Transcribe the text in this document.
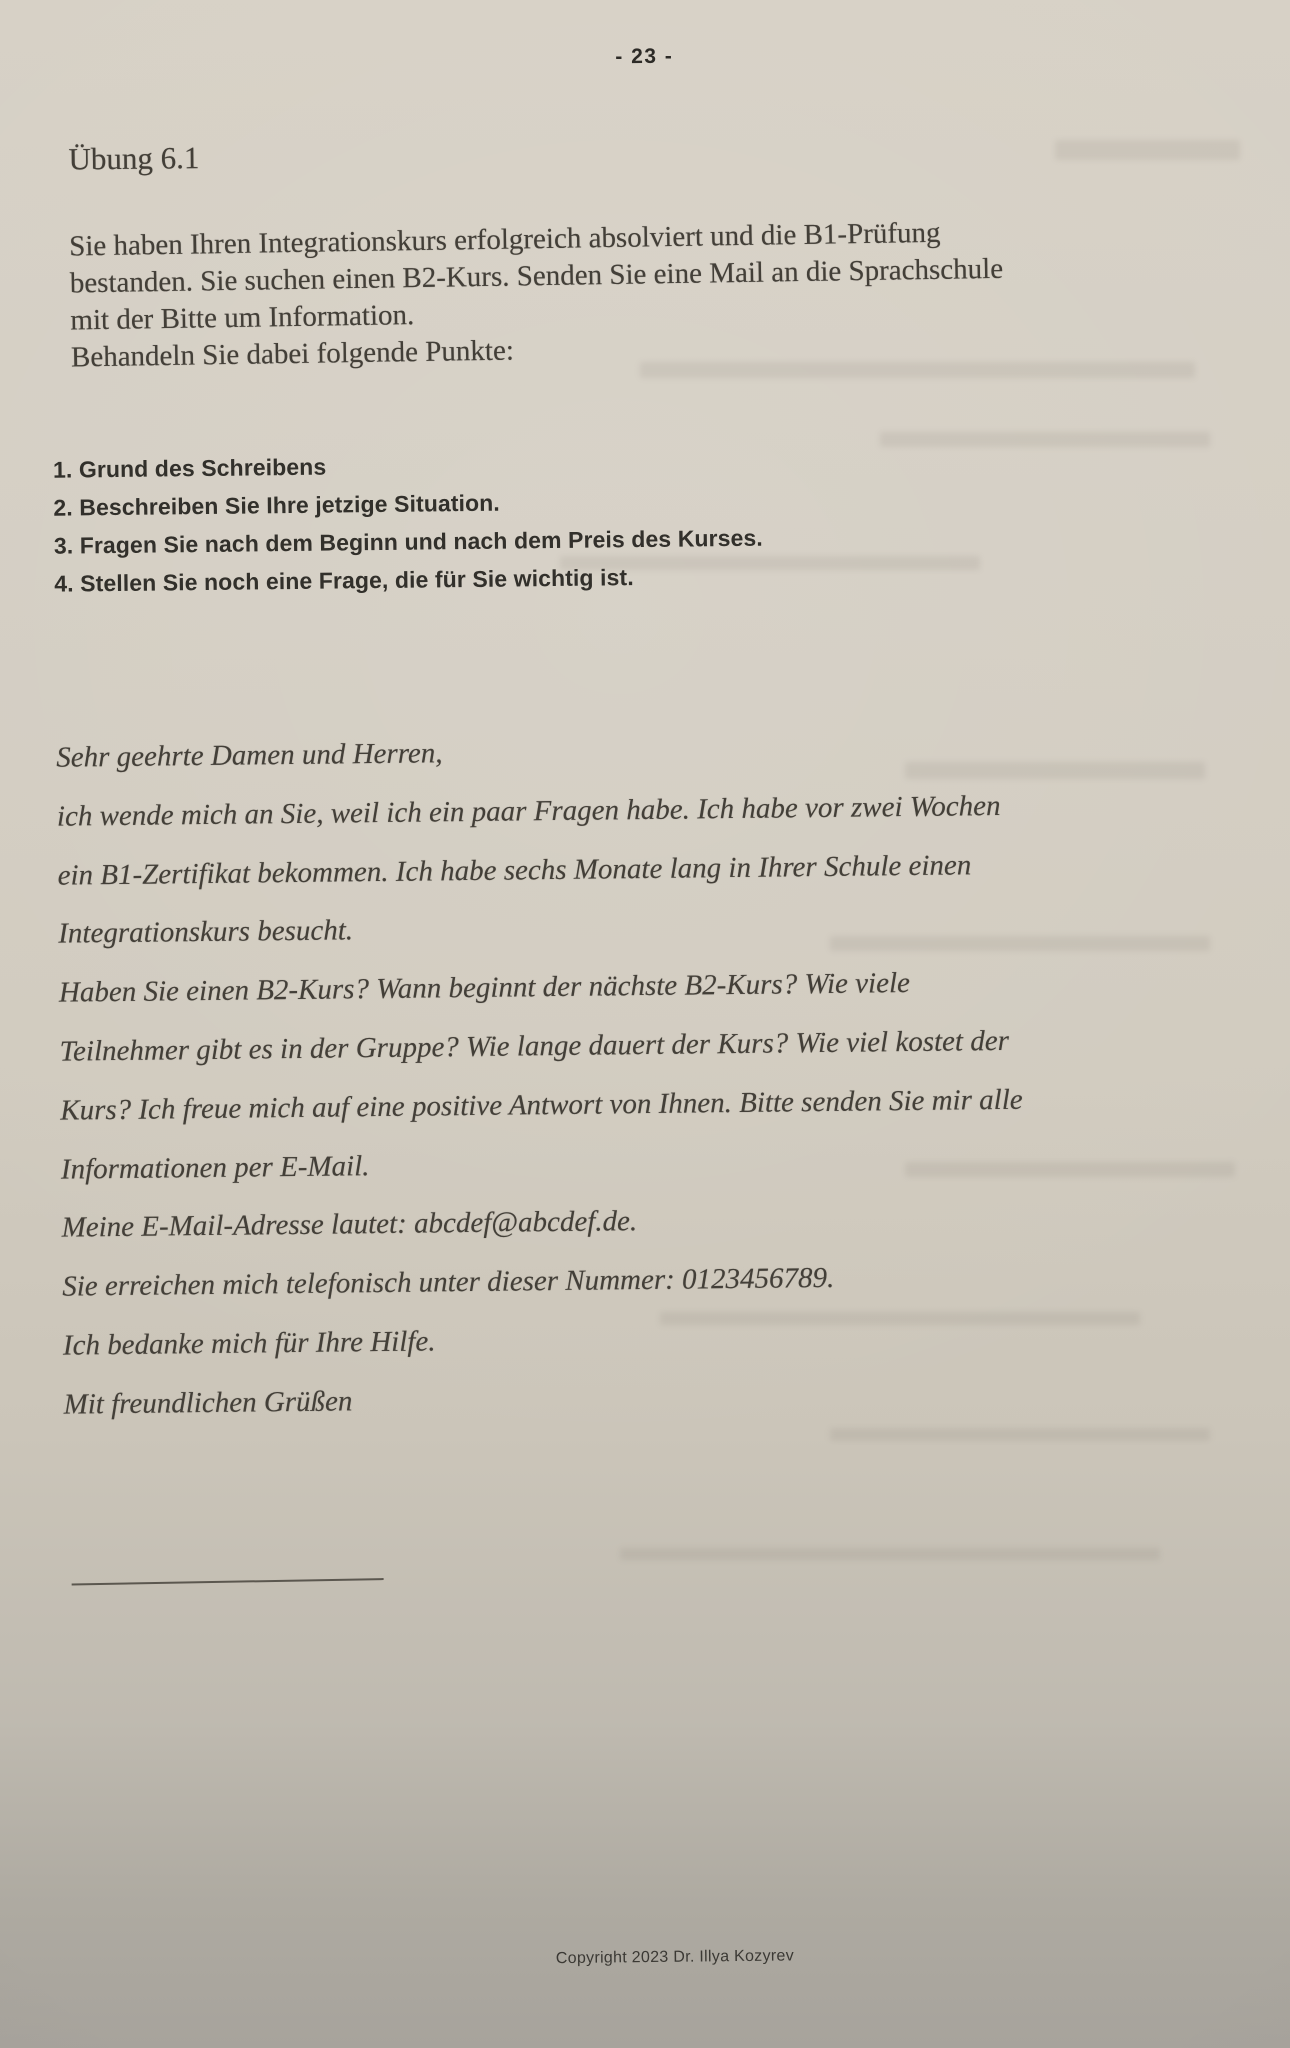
- 23 -
Übung 6.1
Sie haben Ihren Integrationskurs erfolgreich absolviert und die B1-Prüfung
bestanden. Sie suchen einen B2-Kurs. Senden Sie eine Mail an die Sprachschule
mit der Bitte um Information.
Behandeln Sie dabei folgende Punkte:
1. Grund des Schreibens
2. Beschreiben Sie Ihre jetzige Situation.
3. Fragen Sie nach dem Beginn und nach dem Preis des Kurses.
4. Stellen Sie noch eine Frage, die für Sie wichtig ist.
Sehr geehrte Damen und Herren,
ich wende mich an Sie, weil ich ein paar Fragen habe. Ich habe vor zwei Wochen
ein B1-Zertifikat bekommen. Ich habe sechs Monate lang in Ihrer Schule einen
Integrationskurs besucht.
Haben Sie einen B2-Kurs? Wann beginnt der nächste B2-Kurs? Wie viele
Teilnehmer gibt es in der Gruppe? Wie lange dauert der Kurs? Wie viel kostet der
Kurs? Ich freue mich auf eine positive Antwort von Ihnen. Bitte senden Sie mir alle
Informationen per E-Mail.
Meine E-Mail-Adresse lautet: abcdef@abcdef.de.
Sie erreichen mich telefonisch unter dieser Nummer: 0123456789.
Ich bedanke mich für Ihre Hilfe.
Mit freundlichen Grüßen
Copyright 2023 Dr. Illya Kozyrev
